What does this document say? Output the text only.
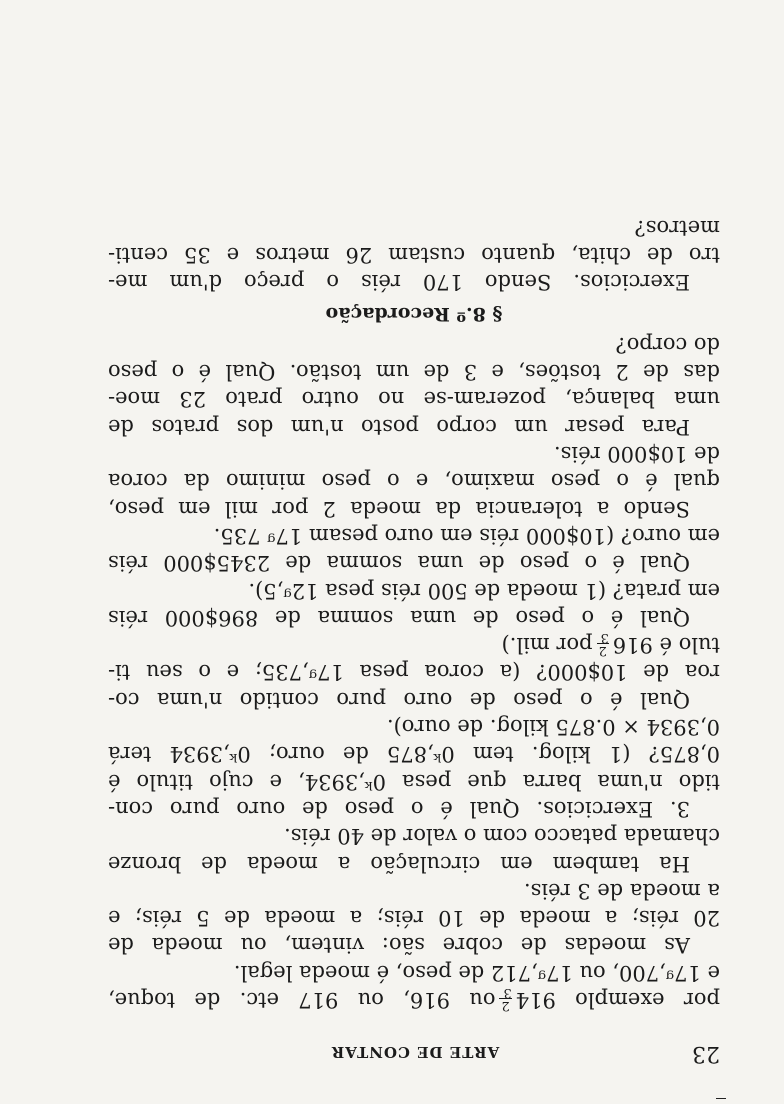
23
ARTE DE CONTAR
por exemplo 914
2
3
ou 916, ou 917 etc. de toque,
e 17ᵍ,700, ou 17ᵍ,712 de peso, é moeda legal.
As moedas de cobre são: vintem, ou moeda de
20 réis; a moeda de 10 réis; a moeda de 5 réis; e
a moeda de 3 réis.
Ha tambem em circulação a moeda de bronze
chamada patacco com o valor de 40 réis.
3. Exercicios. Qual é o peso de ouro puro con-
tido n'uma barra que pesa 0ᵏ,3934, e cujo titulo é
0,875? (1 kilog. tem 0ᵏ,875 de ouro; 0ᵏ,3934 terá
0,3934 × 0.875 kilog. de ouro).
Qual é o peso de ouro puro contido n'uma co-
roa de 10$000? (a coroa pesa 17ᵍ,735; e o seu ti-
tulo é 916
2
3
por mil.)
Qual é o peso de uma somma de 896$000 réis
em prata? (1 moeda de 500 réis pesa 12ᵍ,5).
Qual é o peso de uma somma de 2345$000 réis
em ouro? (10$000 réis em ouro pesam 17ᵍ 735.
Sendo a tolerancia da moeda 2 por mil em peso,
qual é o peso maximo, e o peso minimo da coroa
de 10$000 réis.
Para pesar um corpo posto n'um dos pratos de
uma balança, pozeram-se no outro prato 23 moe-
das de 2 tostões, e 3 de um tostão. Qual é o peso
do corpo?
§ 8.º Recordação
Exercicios. Sendo 170 réis o preço d'um me-
tro de chita, quanto custam 26 metros e 35 centi-
metros?
